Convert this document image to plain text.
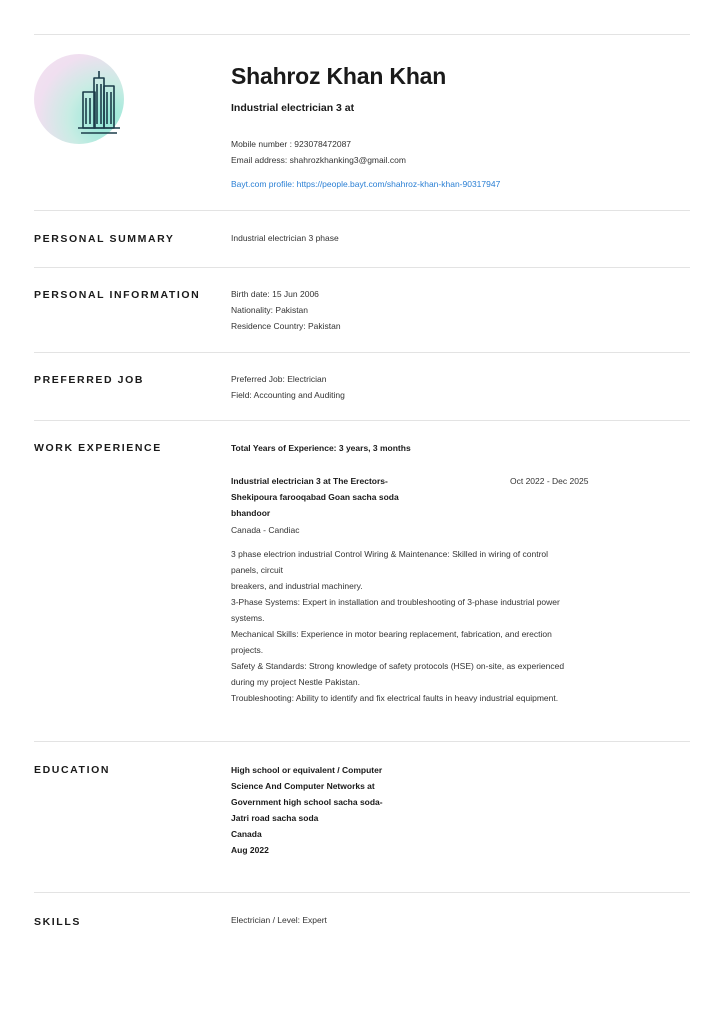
Shahroz Khan Khan
Industrial electrician 3 at
Mobile number : 923078472087
Email address: shahrozkhanking3@gmail.com
Bayt.com profile: https://people.bayt.com/shahroz-khan-khan-90317947
PERSONAL SUMMARY	Industrial electrician 3 phase
PERSONAL INFORMATION	Birth date: 15 Jun 2006
Nationality: Pakistan
Residence Country: Pakistan
PREFERRED JOB	Preferred Job: Electrician
Field: Accounting and Auditing
WORK EXPERIENCE	Total Years of Experience: 3 years, 3 months
Industrial electrician 3 at The Erectors-
Shekipoura farooqabad Goan sacha soda
bhandoor
Oct 2022 - Dec 2025
Canada - Candiac
3 phase electrion industrial Control Wiring & Maintenance: Skilled in wiring of control
panels, circuit
breakers, and industrial machinery.
3-Phase Systems: Expert in installation and troubleshooting of 3-phase industrial power
systems.
Mechanical Skills: Experience in motor bearing replacement, fabrication, and erection
projects.
Safety & Standards: Strong knowledge of safety protocols (HSE) on-site, as experienced
during my project Nestle Pakistan.
Troubleshooting: Ability to identify and fix electrical faults in heavy industrial equipment.
EDUCATION	High school or equivalent / Computer
Science And Computer Networks at
Government high school sacha soda-
Jatri road sacha soda
Canada
Aug 2022
SKILLS	Electrician / Level: Expert
